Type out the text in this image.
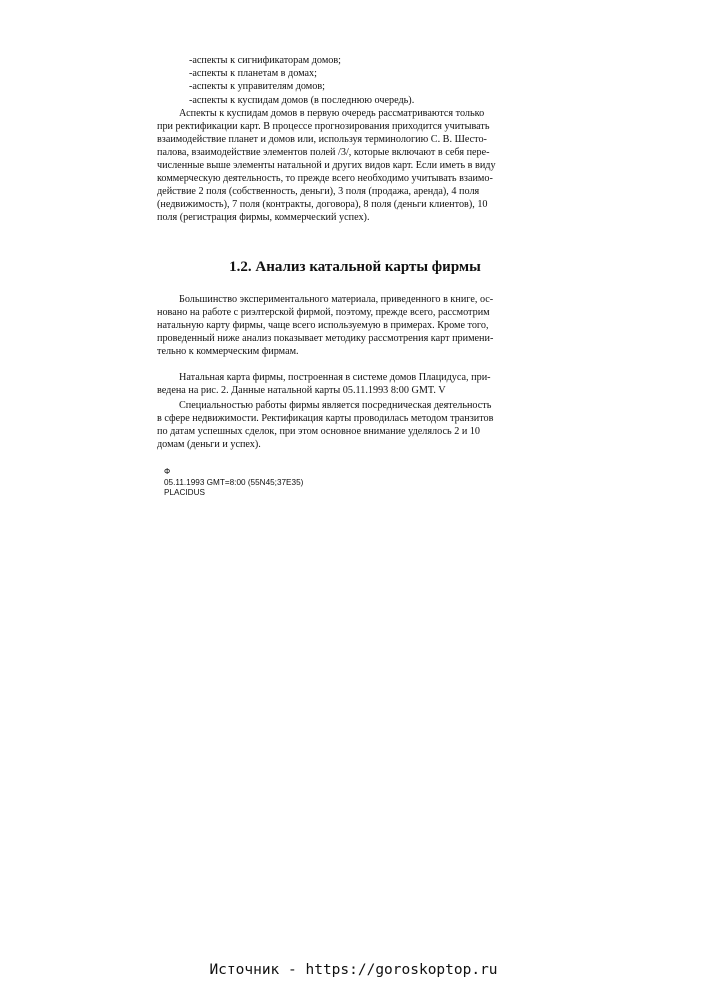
-аспекты к сигнификаторам домов;
-аспекты к планетам в домах;
-аспекты к управителям домов;
-аспекты к куспидам домов (в последнюю очередь).
Аспекты к куспидам домов в первую очередь рассматриваются только
при ректификации карт. В процессе прогнозирования приходится учитывать
взаимодействие планет и домов или, используя терминологию С. В. Шесто-
палова, взаимодействие элементов полей /3/, которые включают в себя пере-
численные выше элементы натальной и других видов карт. Если иметь в виду
коммерческую деятельность, то прежде всего необходимо учитывать взаимо-
действие 2 поля (собственность, деньги), 3 поля (продажа, аренда), 4 поля
(недвижимость), 7 поля (контракты, договора), 8 поля (деньги клиентов), 10
поля (регистрация фирмы, коммерческий успех).
1.2. Анализ катальной карты фирмы
Большинство экспериментального материала, приведенного в книге, ос-
новано на работе с риэлтерской фирмой, поэтому, прежде всего, рассмотрим
натальную карту фирмы, чаще всего используемую в примерах. Кроме того,
проведенный ниже анализ показывает методику рассмотрения карт примени-
тельно к коммерческим фирмам.
Натальная карта фирмы, построенная в системе домов Плацидуса, при-
ведена на рис. 2. Данные натальной карты 05.11.1993 8:00 GMT. V
Специальностью работы фирмы является посредническая деятельность
в сфере недвижимости. Ректификация карты проводилась методом транзитов
по датам успешных сделок, при этом основное внимание уделялось 2 и 10
домам (деньги и успех).
Ф
05.11.1993 GMT=8:00 (55N45;37E35)
PLACIDUS
Источник - https://goroskoptop.ru
